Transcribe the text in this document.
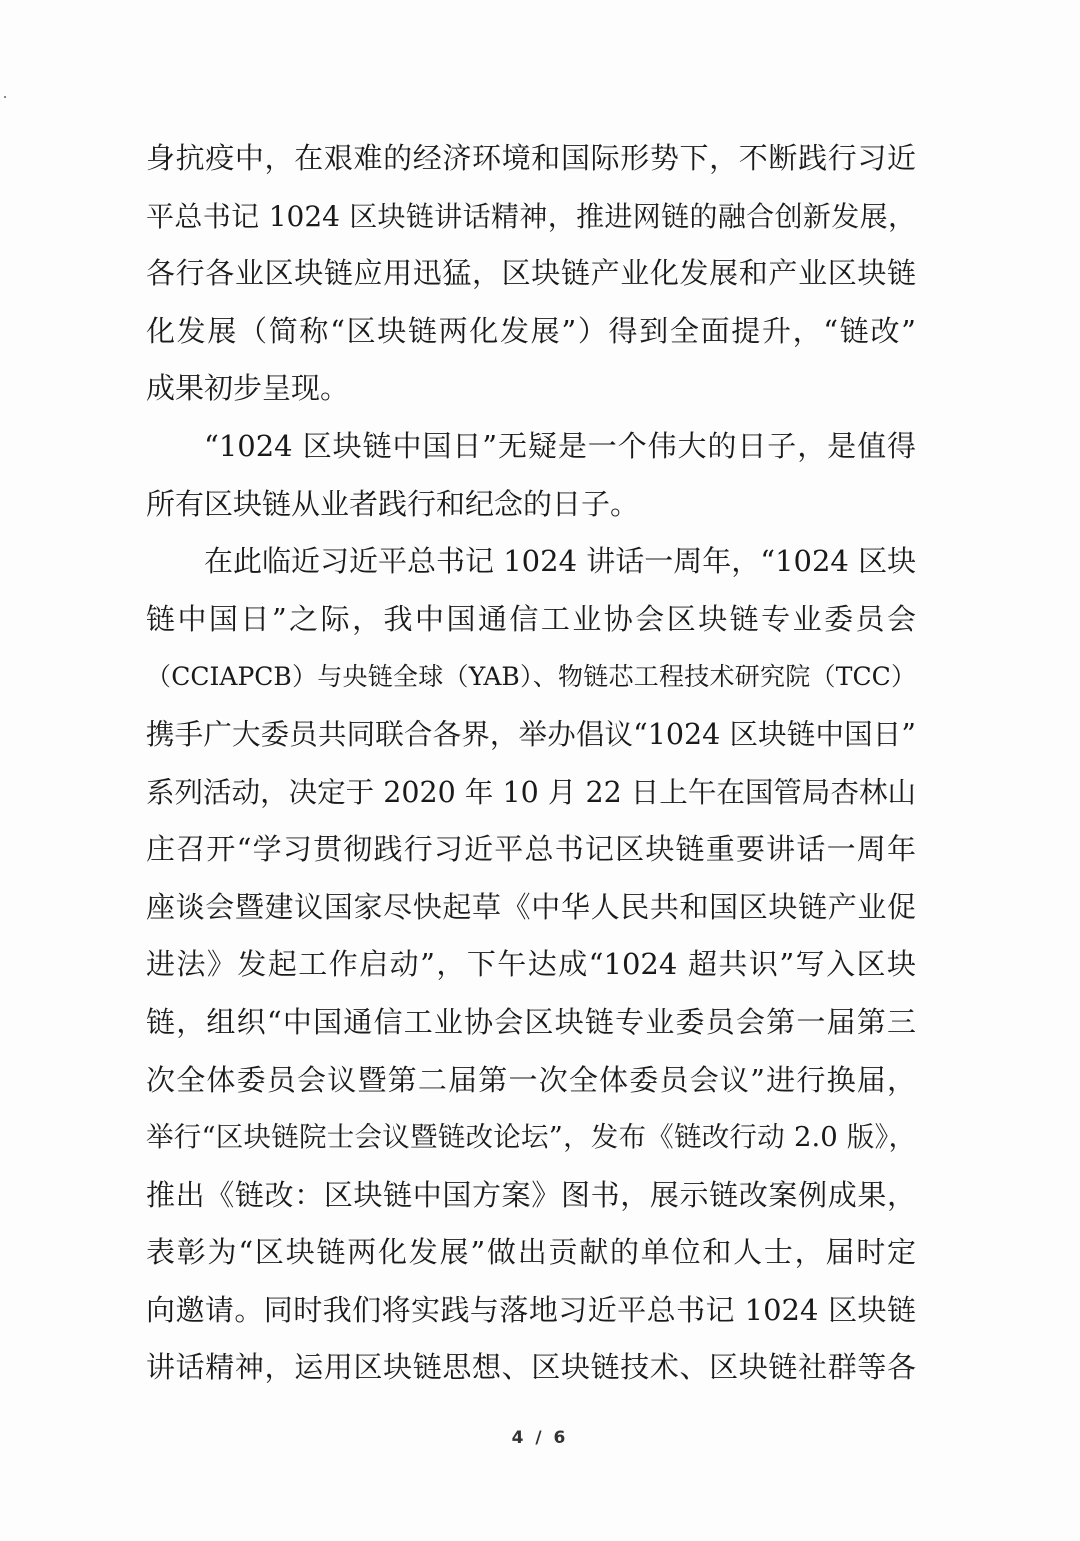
身抗疫中，在艰难的经济环境和国际形势下，不断践行习近
平总书记 1024 区块链讲话精神，推进网链的融合创新发展，
各行各业区块链应用迅猛，区块链产业化发展和产业区块链
化发展（简称“区块链两化发展”）得到全面提升，“链改”
成果初步呈现。

“1024 区块链中国日”无疑是一个伟大的日子，是值得
所有区块链从业者践行和纪念的日子。

在此临近习近平总书记 1024 讲话一周年，“1024 区块
链中国日”之际，我中国通信工业协会区块链专业委员会
（CCIAPCB）与央链全球（YAB）、物链芯工程技术研究院（TCC）
携手广大委员共同联合各界，举办倡议“1024 区块链中国日”
系列活动，决定于 2020 年 10 月 22 日上午在国管局杏林山
庄召开“学习贯彻践行习近平总书记区块链重要讲话一周年
座谈会暨建议国家尽快起草《中华人民共和国区块链产业促
进法》发起工作启动”，下午达成“1024 超共识”写入区块
链，组织“中国通信工业协会区块链专业委员会第一届第三
次全体委员会议暨第二届第一次全体委员会议”进行换届，
举行“区块链院士会议暨链改论坛”，发布《链改行动 2.0 版》，
推出《链改：区块链中国方案》图书，展示链改案例成果，
表彰为“区块链两化发展”做出贡献的单位和人士，届时定
向邀请。同时我们将实践与落地习近平总书记 1024 区块链
讲话精神，运用区块链思想、区块链技术、区块链社群等各

4 / 6
